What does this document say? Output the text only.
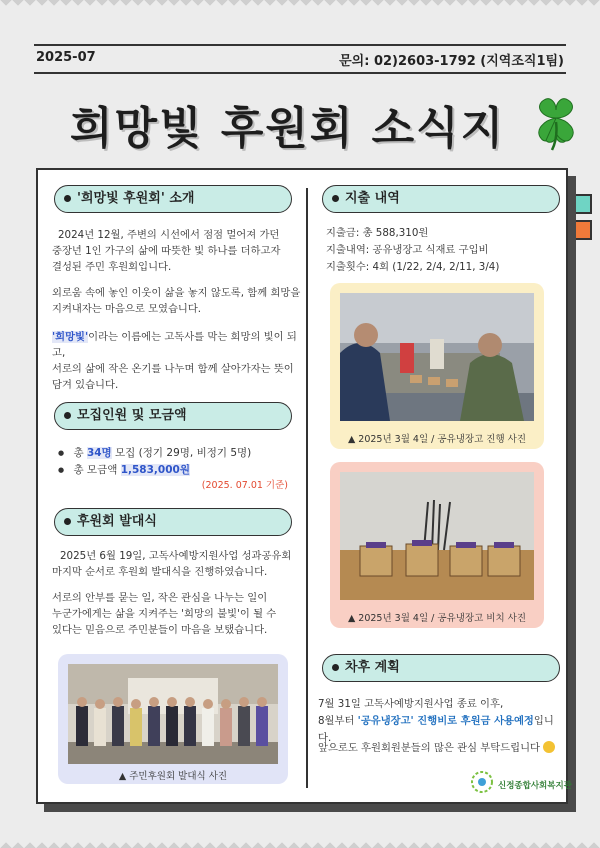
2025-07	문의: 02)2603-1792 (지역조직1팀)
희망빛 후원회 소식지
'희망빛 후원회' 소개
2024년 12월, 주변의 시선에서 점점 멀어져 가던
중장년 1인 가구의 삶에 따뜻한 빛 하나를 더하고자
결성된 주민 후원회입니다.
외로움 속에 놓인 이웃이 삶을 놓지 않도록, 함께 희망을
지켜내자는 마음으로 모였습니다.
'희망빛'이라는 이름에는 고독사를 막는 희망의 빛이 되고,
서로의 삶에 작은 온기를 나누며 함께 살아가자는 뜻이
담겨 있습니다.
모집인원 및 모금액
● 총 34명 모집 (정기 29명, 비정기 5명)
● 총 모금액 1,583,000원
(2025. 07.01 기준)
후원회 발대식
2025년 6월 19일, 고독사예방지원사업 성과공유회
마지막 순서로 후원회 발대식을 진행하였습니다.
서로의 안부를 묻는 일, 작은 관심을 나누는 일이
누군가에게는 삶을 지켜주는 '희망의 불빛'이 될 수
있다는 믿음으로 주민분들이 마음을 보탰습니다.
▲ 주민후원회 발대식 사진
지출 내역
지출금: 총 588,310원
지출내역: 공유냉장고 식재료 구입비
지출횟수: 4회 (1/22, 2/4, 2/11, 3/4)
▲ 2025년 3월 4일 / 공유냉장고 진행 사진
▲ 2025년 3월 4일 / 공유냉장고 비치 사진
차후 계획
7월 31일 고독사예방지원사업 종료 이후,
8월부터 '공유냉장고' 진행비로 후원금 사용예정입니다.
앞으로도 후원회원분들의 많은 관심 부탁드립니다
신정종합사회복지관
